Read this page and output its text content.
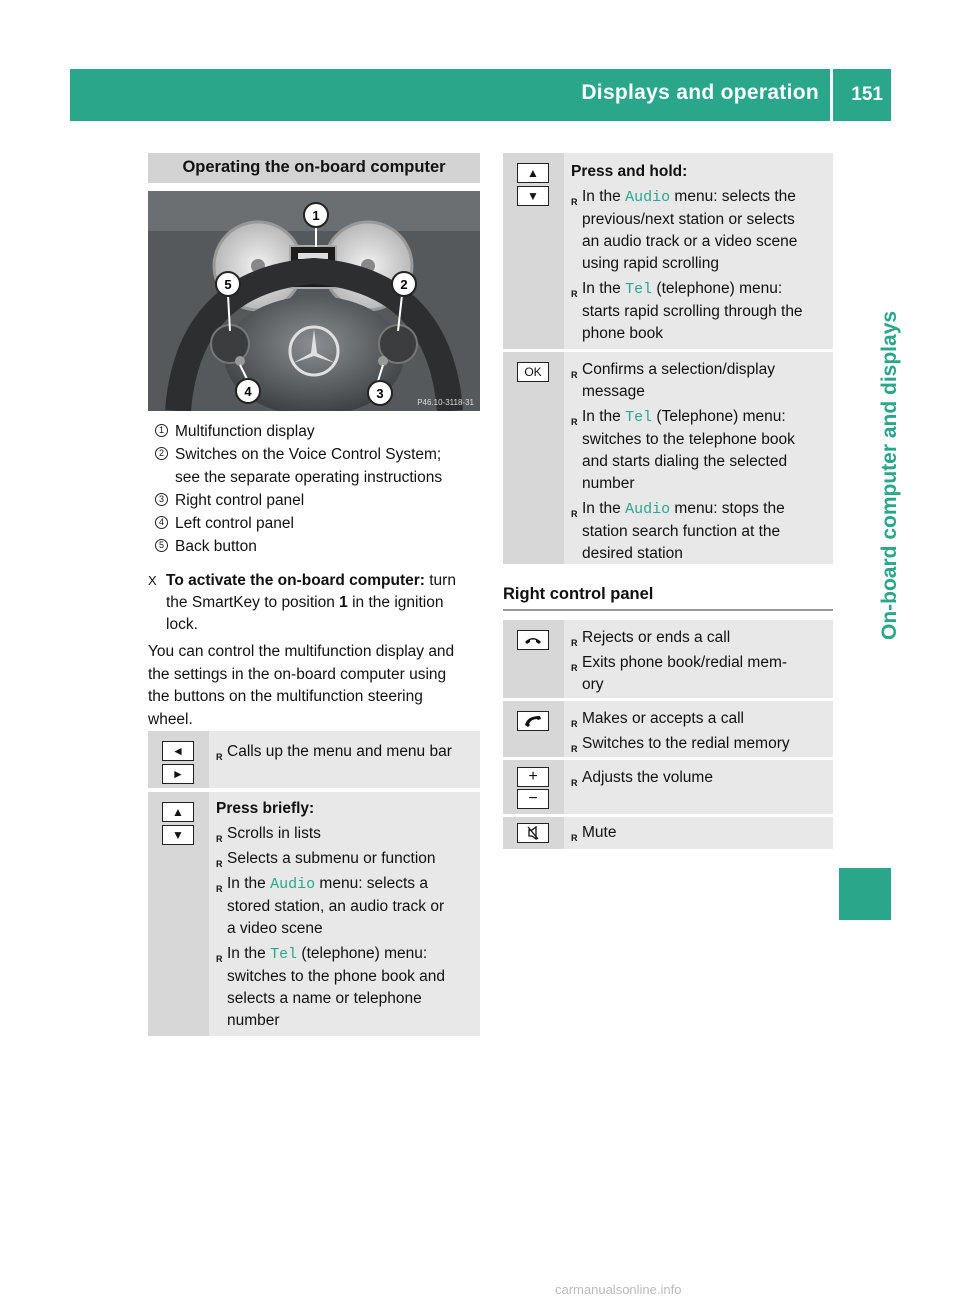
Displays and operation 151
On-board computer and displays
Operating the on-board computer
1
2
3
4
5
P46.10-3118-31
1 Multifunction display
2 Switches on the Voice Control System;
see the separate operating instructions
3 Right control panel
4 Left control panel
5 Back button
X To activate the on-board computer: turn
the SmartKey to position 1 in the ignition
lock.
You can control the multifunction display and
the settings in the on-board computer using
the buttons on the multifunction steering
wheel.
◄
►
R Calls up the menu and menu bar
▲
▼
Press briefly:
R Scrolls in lists
R Selects a submenu or function
R In the Audio menu: selects a
stored station, an audio track or
a video scene
R In the Tel (telephone) menu:
switches to the phone book and
selects a name or telephone
number
▲
▼
Press and hold:
R In the Audio menu: selects the
previous/next station or selects
an audio track or a video scene
using rapid scrolling
R In the Tel (telephone) menu:
starts rapid scrolling through the
phone book
OK
R	Confirms a selection/display
message
R In the Tel (Telephone) menu:
switches to the telephone book
and starts dialing the selected
number
R In the Audio menu: stops the
station search function at the
desired station
Right control panel
R Rejects or ends a call
R Exits phone book/redial mem-
ory
R Makes or accepts a call
R Switches to the redial memory
+
−
R Adjusts the volume
R Mute
carmanualsonline.info
